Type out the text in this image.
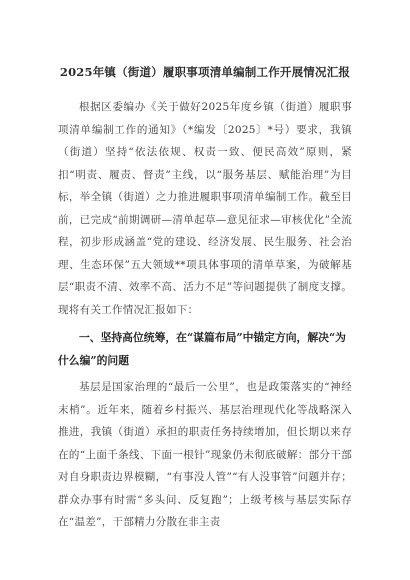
2025年镇（街道）履职事项清单编制工作开展情况汇报

根据区委编办《关于做好2025年度乡镇（街道）履职事项清单编制工作的通知》（*编发〔2025〕*号）要求，我镇（街道）坚持“依法依规、权责一致、便民高效”原则，紧扣“明责、履责、督责”主线，以“服务基层、赋能治理”为目标，举全镇（街道）之力推进履职事项清单编制工作。截至目前，已完成“前期调研—清单起草—意见征求—审核优化”全流程，初步形成涵盖“党的建设、经济发展、民生服务、社会治理、生态环保”五大领域**项具体事项的清单草案，为破解基层“职责不清、效率不高、活力不足”等问题提供了制度支撑。现将有关工作情况汇报如下：

一、坚持高位统筹，在“谋篇布局”中锚定方向，解决“为什么编”的问题

基层是国家治理的“最后一公里”，也是政策落实的“神经末梢”。近年来，随着乡村振兴、基层治理现代化等战略深入推进，我镇（街道）承担的职责任务持续增加，但长期以来存在的“上面千条线、下面一根针”现象仍未彻底破解：部分干部对自身职责边界模糊，“有事没人管”“有人没事管”问题并存；群众办事有时需“多头问、反复跑”；上级考核与基层实际存在“温差”，干部精力分散在非主责
